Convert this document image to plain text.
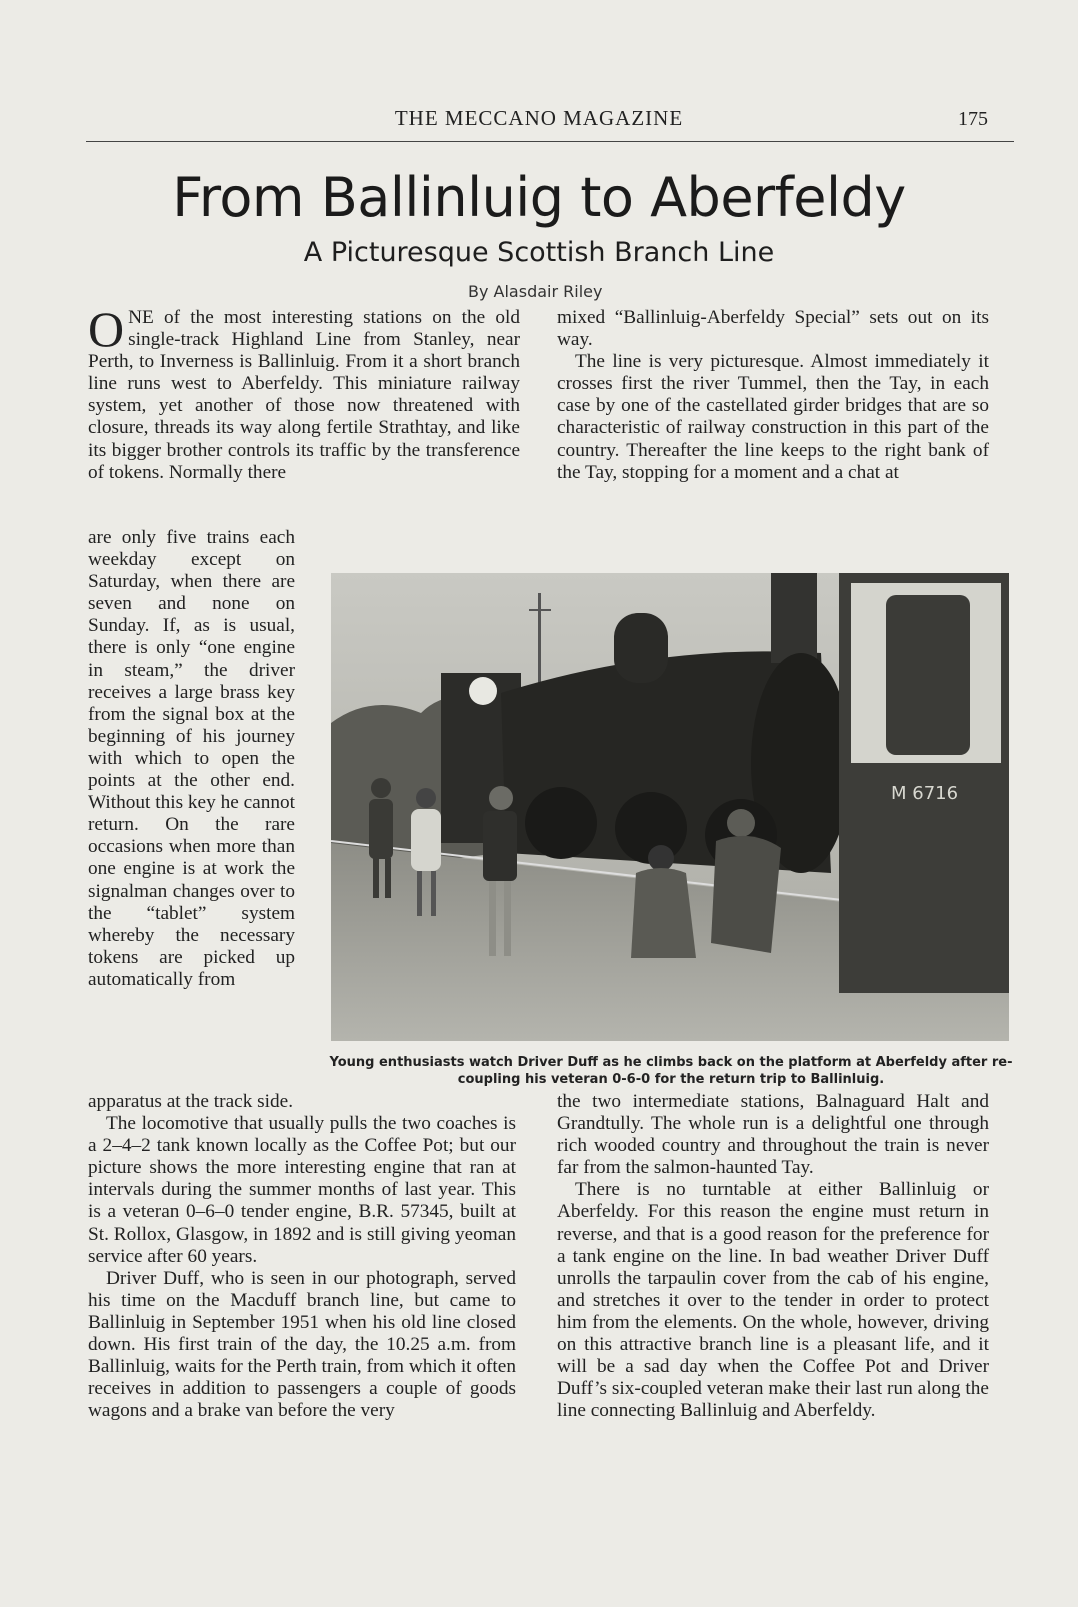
THE MECCANO MAGAZINE	175
From Ballinluig to Aberfeldy
A Picturesque Scottish Branch Line
By Alasdair Riley

ONE of the most interesting stations on the old single-track Highland Line from Stanley, near Perth, to Inverness is Ballinluig. From it a short branch line runs west to Aberfeldy. This miniature railway system, yet another of those now threatened with closure, threads its way along fertile Strathtay, and like its bigger brother controls its traffic by the transference of tokens. Normally there

are only five trains each weekday except on Saturday, when there are seven and none on Sunday. If, as is usual, there is only “one engine in steam,” the driver receives a large brass key from the signal box at the beginning of his journey with which to open the points at the other end. Without this key he cannot return. On the rare occasions when more than one engine is at work the signalman changes over to the “tablet” system whereby the necessary tokens are picked up automatically from

apparatus at the track side.

The locomotive that usually pulls the two coaches is a 2–4–2 tank known locally as the Coffee Pot; but our picture shows the more interesting engine that ran at intervals during the summer months of last year. This is a veteran 0–6–0 tender engine, B.R. 57345, built at St. Rollox, Glasgow, in 1892 and is still giving yeoman service after 60 years.

Driver Duff, who is seen in our photograph, served his time on the Macduff branch line, but came to Ballinluig in September 1951 when his old line closed down. His first train of the day, the 10.25 a.m. from Ballinluig, waits for the Perth train, from which it often receives in addition to passengers a couple of goods wagons and a brake van before the very

mixed “Ballinluig-Aberfeldy Special” sets out on its way.

The line is very picturesque. Almost immediately it crosses first the river Tummel, then the Tay, in each case by one of the castellated girder bridges that are so characteristic of railway construction in this part of the country. Thereafter the line keeps to the right bank of the Tay, stopping for a moment and a chat at

M 6716
Young enthusiasts watch Driver Duff as he climbs back on the platform at Aberfeldy after re-coupling his veteran 0-6-0 for the return trip to Ballinluig.

the two intermediate stations, Balnaguard Halt and Grandtully. The whole run is a delightful one through rich wooded country and throughout the train is never far from the salmon-haunted Tay.

There is no turntable at either Ballinluig or Aberfeldy. For this reason the engine must return in reverse, and that is a good reason for the preference for a tank engine on the line. In bad weather Driver Duff unrolls the tarpaulin cover from the cab of his engine, and stretches it over to the tender in order to protect him from the elements. On the whole, however, driving on this attractive branch line is a pleasant life, and it will be a sad day when the Coffee Pot and Driver Duff’s six-coupled veteran make their last run along the line connecting Ballinluig and Aberfeldy.
